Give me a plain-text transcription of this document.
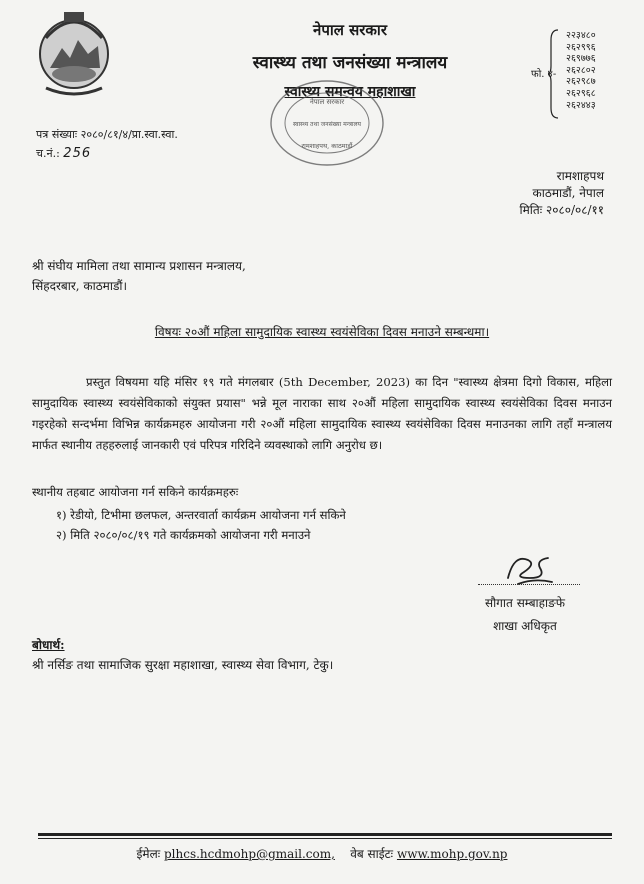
नेपाल सरकार
स्वास्थ्य तथा जनसंख्या मन्त्रालय
स्वास्थ्य समन्वय महाशाखा
फो. ४-
२२३४८०
२६२९९६
२६९७७६
२६२८०२
२६२९८७
२६२९६८
२६२४४३
नेपाल सरकार
स्वास्थ्य तथा जनसंख्या मन्त्रालय
रामशाहपथ, काठमाडौं
पत्र संख्याः २०८०/८१/४/प्रा.स्वा.स्वा.
च.नं.: 256
रामशाहपथ
काठमाडौं, नेपाल
मितिः २०८०/०८/११
श्री संघीय मामिला तथा सामान्य प्रशासन मन्त्रालय,
सिंहदरबार, काठमाडौं।
विषयः २०औं महिला सामुदायिक स्वास्थ्य स्वयंसेविका दिवस मनाउने सम्बन्धमा।
प्रस्तुत विषयमा यहि मंसिर १९ गते मंगलबार (5th December, 2023) का दिन "स्वास्थ्य क्षेत्रमा दिगो विकास, महिला सामुदायिक स्वास्थ्य स्वयंसेविकाको संयुक्त प्रयास" भन्ने मूल नाराका साथ २०औं महिला सामुदायिक स्वास्थ्य स्वयंसेविका दिवस मनाउन गइरहेको सन्दर्भमा विभिन्न कार्यक्रमहरु आयोजना गरी २०औं महिला सामुदायिक स्वास्थ्य स्वयंसेविका दिवस मनाउनका लागि तहाँ मन्त्रालय मार्फत स्थानीय तहहरुलाई जानकारी एवं परिपत्र गरिदिने व्यवस्थाको लागि अनुरोध छ।
स्थानीय तहबाट आयोजना गर्न सकिने कार्यक्रमहरुः
१) रेडीयो, टिभीमा छलफल, अन्तरवार्ता कार्यक्रम आयोजना गर्न सकिने
२) मिति २०८०/०८/१९ गते कार्यक्रमको आयोजना गरी मनाउने
सौगात सम्बाहाङफे
शाखा अधिकृत
बोधार्थ:
श्री नर्सिङ तथा सामाजिक सुरक्षा महाशाखा, स्वास्थ्य सेवा विभाग, टेकु।
ईमेलः plhcs.hcdmohp@gmail.com, वेब साईटः www.mohp.gov.np
